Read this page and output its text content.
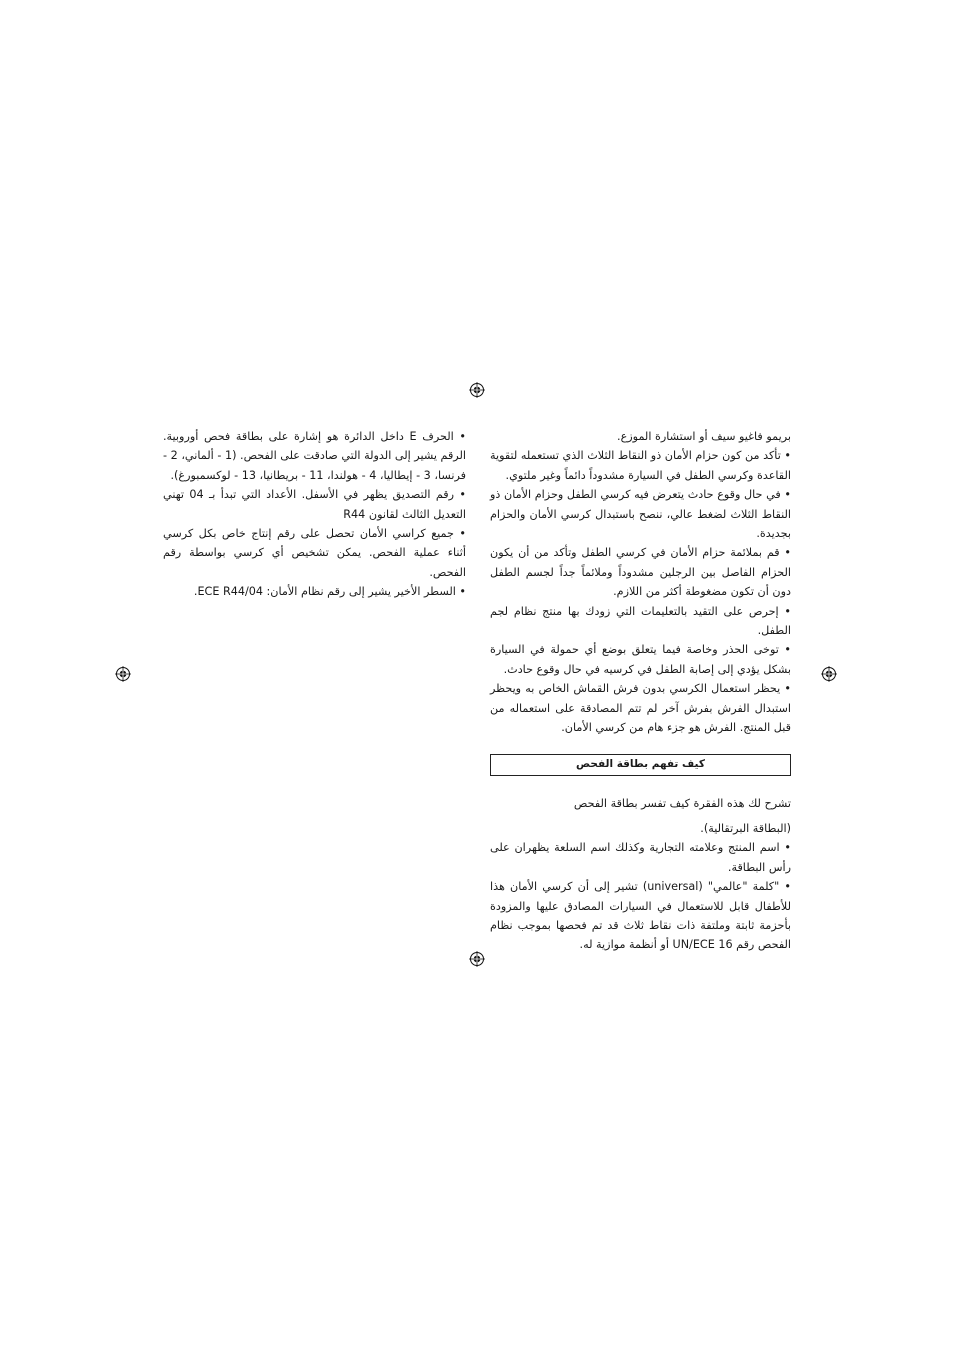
بريمو فاغيو سيف أو استشارة الموزع.

• تأكد من كون حزام الأمان ذو النقاط الثلاث الذي تستعمله لتقوية القاعدة وكرسي الطفل في السيارة مشدوداً دائماً وغير ملتوي.

• في حال وقوع حادث يتعرض فيه كرسي الطفل وحزام الأمان ذو النقاط الثلاث لضغط عالي، ننصح باستبدال كرسي الأمان والحزام بجديدة.

• قم بملائمة حزام الأمان في كرسي الطفل وتأكد من أن يكون الحزام الفاصل بين الرجلين مشدوداً وملائماً جداً لجسم الطفل دون أن تكون مضغوطة أكثر من اللازم.

• إحرص على التقيد بالتعليمات التي زودك بها منتج نظام لجم الطفل.

• توخى الحذر وخاصة فيما يتعلق بوضع أي حمولة في السيارة بشكل يؤدي إلى إصابة الطفل في كرسيه في حال وقوع حادث.

• يحظر استعمال الكرسي بدون فرش القماش الخاص به ويحظر استبدال الفرش بفرش آخر لم تتم المصادقة على استعماله من قبل المنتج. الفرش هو جزء هام من كرسي الأمان.

كيف تفهم بطاقة الفحص

تشرح لك هذه الفقرة كيف تفسر بطاقة الفحص

(البطاقة البرتقالية).

• اسم المنتج وعلامته التجارية وكذلك اسم السلعة يظهران على رأس البطاقة.

• "كلمة "عالمي" (universal) تشير إلى أن كرسي الأمان هذا للأطفال قابل للاستعمال في السيارات المصادق عليها والمزودة بأحزمة ثابتة وملتفة ذات نقاط ثلاث قد تم فحصها بموجب نظام الفحص رقم UN/ECE 16 أو أنظمة موازية له.

• الحرف E داخل الدائرة هو إشارة على بطاقة فحص أوروبية. الرقم يشير إلى الدولة التي صادقت على الفحص. (1 - ألماني، 2 - فرنسا، 3 - إيطاليا، 4 - هولندا، 11 - بريطانيا، 13 - لوكسمبورغ).

• رقم التصديق يظهر في الأسفل. الأعداد التي تبدأ بـ 04 تهني التعديل الثالث لقانون R44

• جميع كراسي الأمان تحصل على رقم إنتاج خاص بكل كرسي أثناء عملية الفحص. يمكن تشخيص أي كرسي بواسطة رقم الفحص.

• السطر الأخير يشير إلى رقم نظام الأمان: ECE R44/04.
